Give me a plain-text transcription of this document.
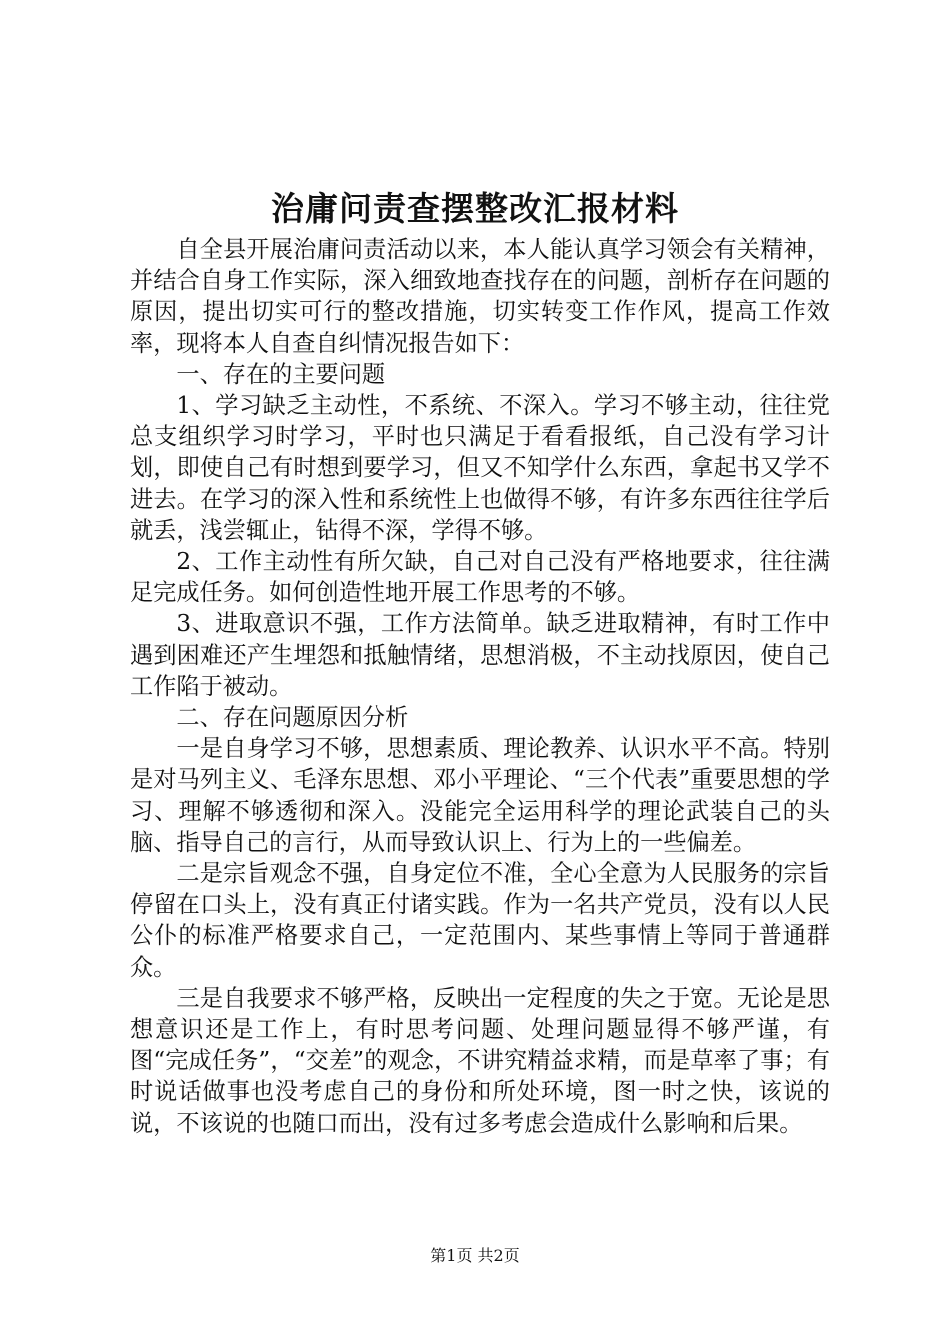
治庸问责查摆整改汇报材料

自全县开展治庸问责活动以来，本人能认真学习领会有关精神，并结合自身工作实际，深入细致地查找存在的问题，剖析存在问题的原因，提出切实可行的整改措施，切实转变工作作风，提高工作效率，现将本人自查自纠情况报告如下：

一、存在的主要问题

1、学习缺乏主动性，不系统、不深入。学习不够主动，往往党总支组织学习时学习，平时也只满足于看看报纸，自己没有学习计划，即使自己有时想到要学习，但又不知学什么东西，拿起书又学不进去。在学习的深入性和系统性上也做得不够，有许多东西往往学后就丢，浅尝辄止，钻得不深，学得不够。

2、工作主动性有所欠缺，自己对自己没有严格地要求，往往满足完成任务。如何创造性地开展工作思考的不够。

3、进取意识不强，工作方法简单。缺乏进取精神，有时工作中遇到困难还产生埋怨和抵触情绪，思想消极，不主动找原因，使自己工作陷于被动。

二、存在问题原因分析

一是自身学习不够，思想素质、理论教养、认识水平不高。特别是对马列主义、毛泽东思想、邓小平理论、“三个代表”重要思想的学习、理解不够透彻和深入。没能完全运用科学的理论武装自己的头脑、指导自己的言行，从而导致认识上、行为上的一些偏差。

二是宗旨观念不强，自身定位不准，全心全意为人民服务的宗旨停留在口头上，没有真正付诸实践。作为一名共产党员，没有以人民公仆的标准严格要求自己，一定范围内、某些事情上等同于普通群众。

三是自我要求不够严格，反映出一定程度的失之于宽。无论是思想意识还是工作上，有时思考问题、处理问题显得不够严谨，有图“完成任务”，“交差”的观念，不讲究精益求精，而是草率了事；有时说话做事也没考虑自己的身份和所处环境，图一时之快，该说的说，不该说的也随口而出，没有过多考虑会造成什么影响和后果。

第1页 共2页
